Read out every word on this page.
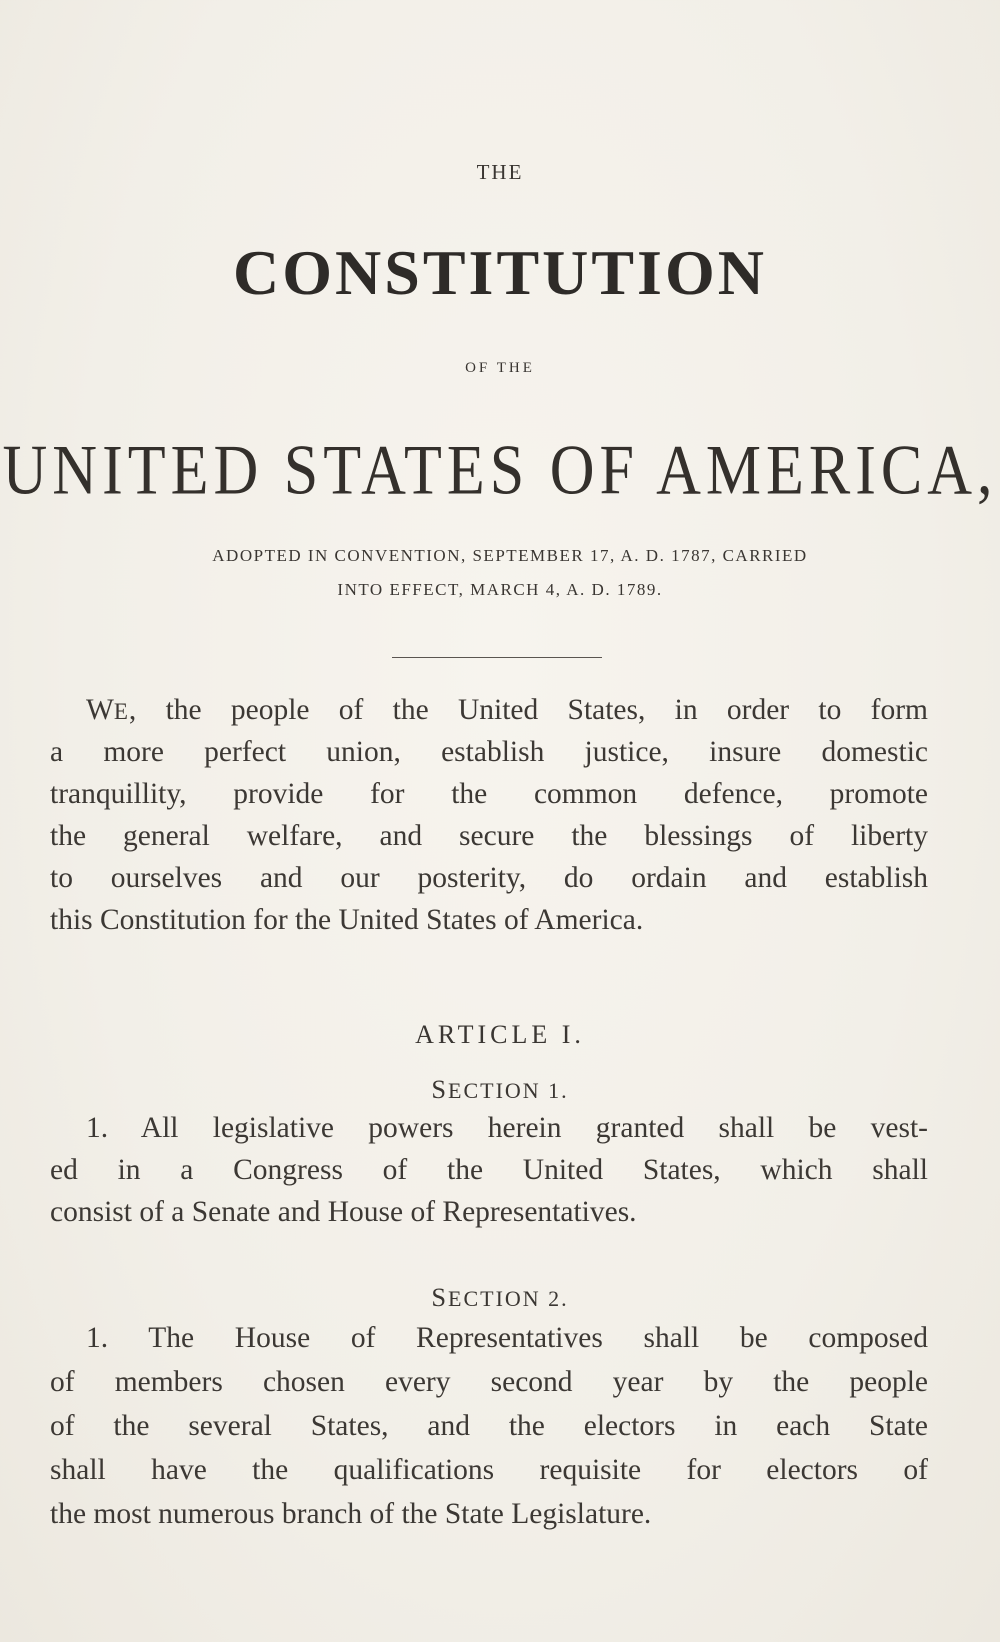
THE
CONSTITUTION
OF THE
UNITED STATES OF AMERICA,
ADOPTED IN CONVENTION, SEPTEMBER 17, A. D. 1787, CARRIED
INTO EFFECT, MARCH 4, A. D. 1789.
WE, the people of the United States, in order to form
a more perfect union, establish justice, insure domestic
tranquillity, provide for the common defence, promote
the general welfare, and secure the blessings of liberty
to ourselves and our posterity, do ordain and establish
this Constitution for the United States of America.
ARTICLE I.
SECTION 1.
1. All legislative powers herein granted shall be vest-
ed in a Congress of the United States, which shall
consist of a Senate and House of Representatives.
SECTION 2.
1. The House of Representatives shall be composed
of members chosen every second year by the people
of the several States, and the electors in each State
shall have the qualifications requisite for electors of
the most numerous branch of the State Legislature.
